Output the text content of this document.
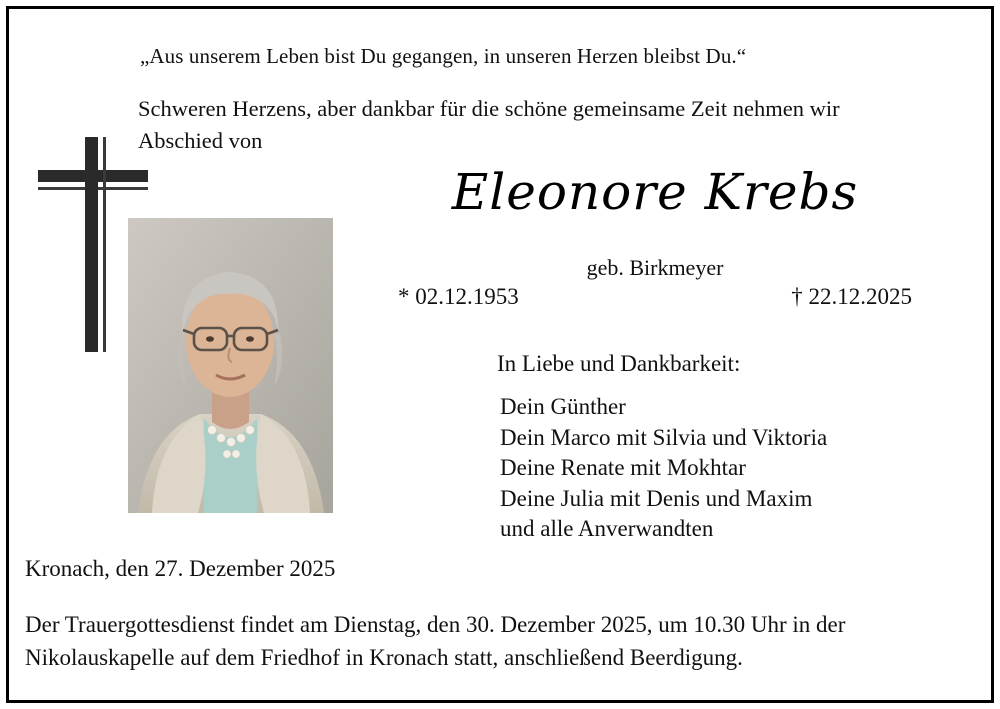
„Aus unserem Leben bist Du gegangen, in unseren Herzen bleibst Du.“
Schweren Herzens, aber dankbar für die schöne gemeinsame Zeit nehmen wir Abschied von
Eleonore Krebs
geb. Birkmeyer
* 02.12.1953	† 22.12.2025
In Liebe und Dankbarkeit:
Dein Günther
Dein Marco mit Silvia und Viktoria
Deine Renate mit Mokhtar
Deine Julia mit Denis und Maxim
und alle Anverwandten
Kronach, den 27. Dezember 2025
Der Trauergottesdienst findet am Dienstag, den 30. Dezember 2025, um 10.30 Uhr in der Nikolauskapelle auf dem Friedhof in Kronach statt, anschließend Beerdigung.
